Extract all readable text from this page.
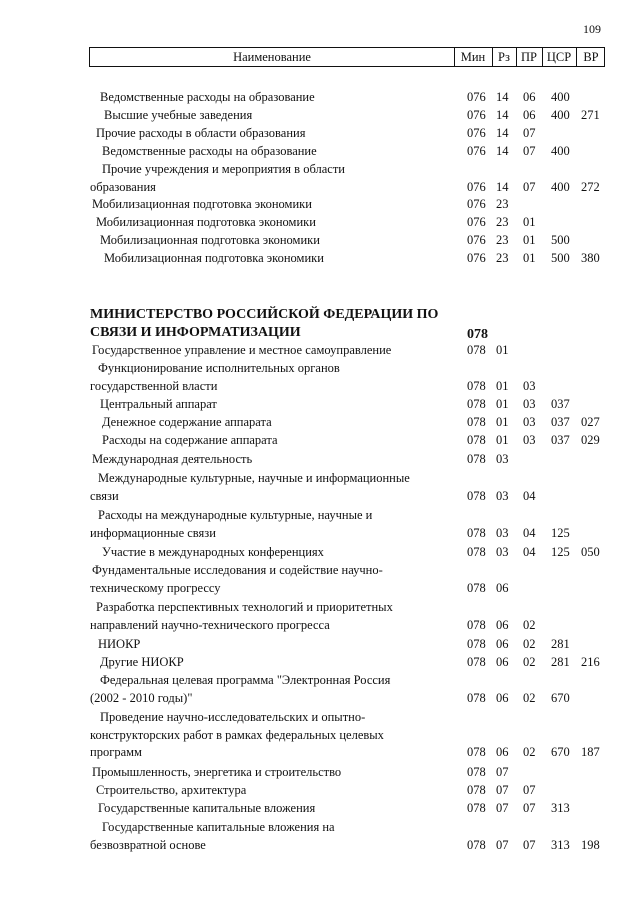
109
Наименование	Мин	Рз ПР ЦСР ВР
Ведомственные расходы на образование	076 14 06 400
Высшие учебные заведения	076 14 06 400 271
Прочие расходы в области образования	076 14 07
Ведомственные расходы на образование	076 14 07 400
Прочие учреждения и мероприятия в области
образования	076 14 07 400 272
Мобилизационная подготовка экономики	076 23
Мобилизационная подготовка экономики	076 23 01
Мобилизационная подготовка экономики	076 23 01 500
Мобилизационная подготовка экономики	076 23 01 500 380
МИНИСТЕРСТВО РОССИЙСКОЙ ФЕДЕРАЦИИ ПО
СВЯЗИ И ИНФОРМАТИЗАЦИИ	078
Государственное управление и местное самоуправление	078 01
Функционирование исполнительных органов
государственной власти	078 01 03
Центральный аппарат	078 01 03 037
Денежное содержание аппарата	078 01 03 037 027
Расходы на содержание аппарата	078 01 03 037 029
Международная деятельность	078 03
Международные культурные, научные и информационные
связи	078 03 04
Расходы на международные культурные, научные и
информационные связи	078 03 04 125
Участие в международных конференциях	078 03 04 125 050
Фундаментальные исследования и содействие научно-
техническому прогрессу	078 06
Разработка перспективных технологий и приоритетных
направлений научно-технического прогресса	078 06 02
НИОКР	078 06 02 281
Другие НИОКР	078 06 02 281 216
Федеральная целевая программа "Электронная Россия
(2002 - 2010 годы)"	078 06 02 670
Проведение научно-исследовательских и опытно-
конструкторских работ в рамках федеральных целевых
программ	078 06 02 670 187
Промышленность, энергетика и строительство	078 07
Строительство, архитектура	078 07 07
Государственные капитальные вложения	078 07 07 313
Государственные капитальные вложения на
безвозвратной основе	078 07 07 313 198
